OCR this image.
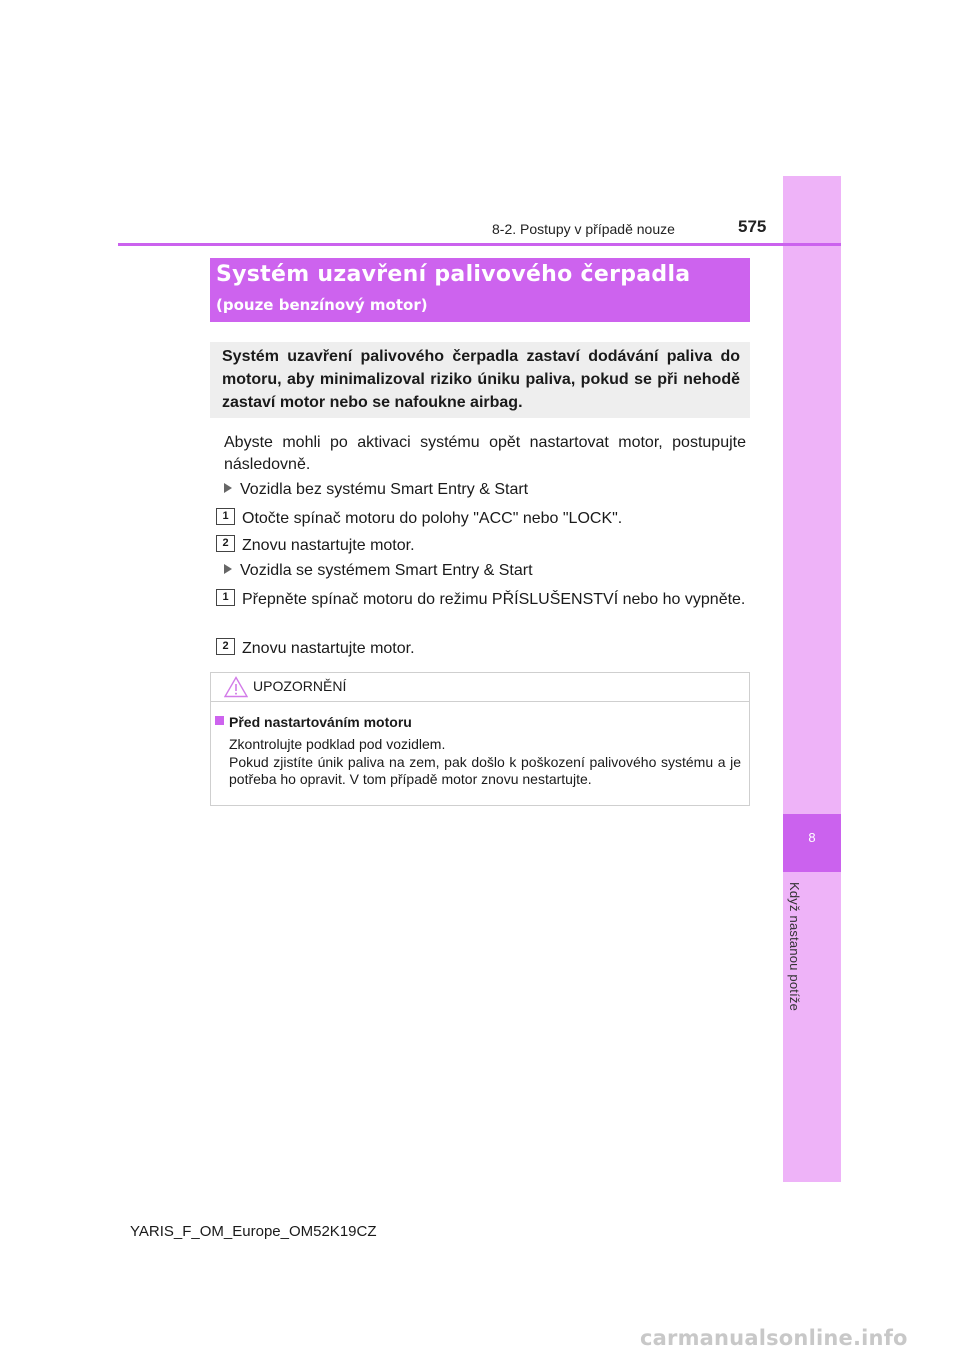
8
Když nastanou potíže
8-2. Postupy v případě nouze	575
Systém uzavření palivového čerpadla
(pouze benzínový motor)
Systém uzavření palivového čerpadla zastaví dodávání paliva do motoru, aby minimalizoval riziko úniku paliva, pokud se při nehodě zastaví motor nebo se nafoukne airbag.
Abyste mohli po aktivaci systému opět nastartovat motor, postupujte následovně.
Vozidla bez systému Smart Entry & Start
1 Otočte spínač motoru do polohy "ACC" nebo "LOCK".
2 Znovu nastartujte motor.
Vozidla se systémem Smart Entry & Start
1 Přepněte spínač motoru do režimu PŘÍSLUŠENSTVÍ nebo ho vypněte.
2 Znovu nastartujte motor.
UPOZORNĚNÍ
Před nastartováním motoru
Zkontrolujte podklad pod vozidlem.
Pokud zjistíte únik paliva na zem, pak došlo k poškození palivového systému a je potřeba ho opravit. V tom případě motor znovu nestartujte.
YARIS_F_OM_Europe_OM52K19CZ
carmanualsonline.info
